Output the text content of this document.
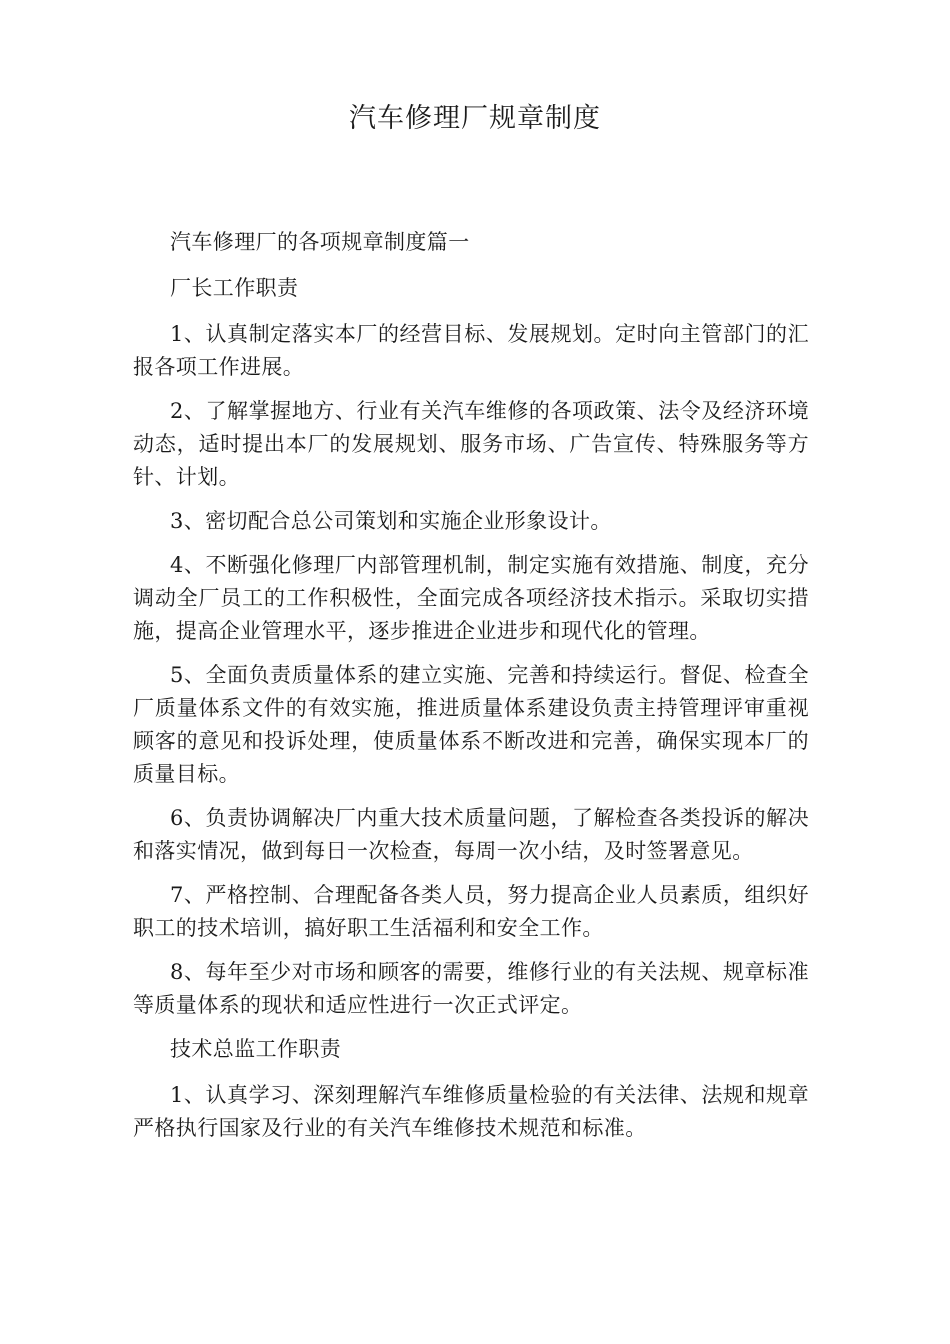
汽车修理厂规章制度

汽车修理厂的各项规章制度篇一

厂长工作职责

1、认真制定落实本厂的经营目标、发展规划。定时向主管部门的汇报各项工作进展。

2、了解掌握地方、行业有关汽车维修的各项政策、法令及经济环境动态，适时提出本厂的发展规划、服务市场、广告宣传、特殊服务等方针、计划。

3、密切配合总公司策划和实施企业形象设计。

4、不断强化修理厂内部管理机制，制定实施有效措施、制度，充分调动全厂员工的工作积极性，全面完成各项经济技术指示。采取切实措施，提高企业管理水平，逐步推进企业进步和现代化的管理。

5、全面负责质量体系的建立实施、完善和持续运行。督促、检查全厂质量体系文件的有效实施，推进质量体系建设负责主持管理评审重视顾客的意见和投诉处理，使质量体系不断改进和完善，确保实现本厂的质量目标。

6、负责协调解决厂内重大技术质量问题，了解检查各类投诉的解决和落实情况，做到每日一次检查，每周一次小结，及时签署意见。

7、严格控制、合理配备各类人员，努力提高企业人员素质，组织好职工的技术培训，搞好职工生活福利和安全工作。

8、每年至少对市场和顾客的需要，维修行业的有关法规、规章标准等质量体系的现状和适应性进行一次正式评定。

技术总监工作职责

1、认真学习、深刻理解汽车维修质量检验的有关法律、法规和规章严格执行国家及行业的有关汽车维修技术规范和标准。
